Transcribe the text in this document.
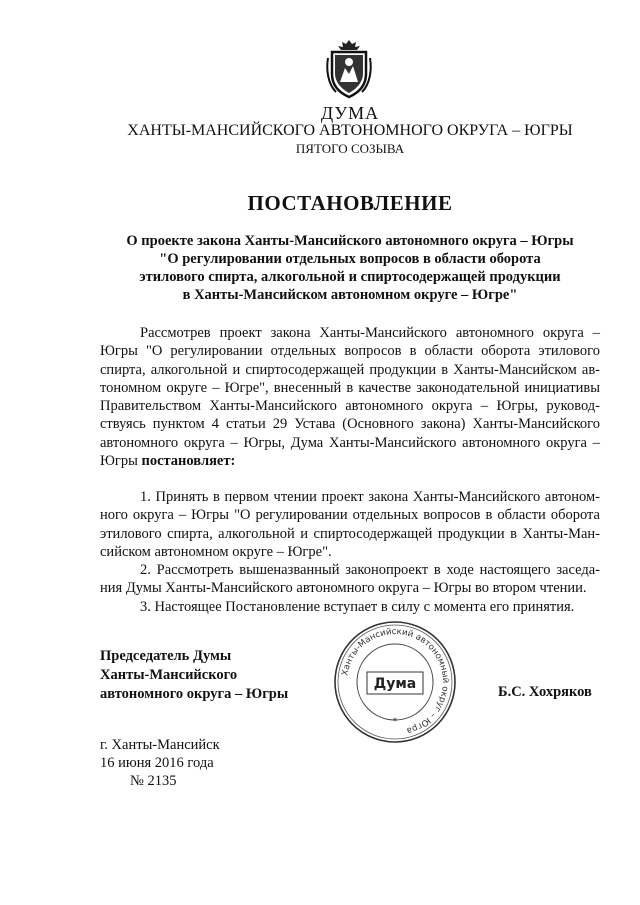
ДУМА
ХАНТЫ-МАНСИЙСКОГО АВТОНОМНОГО ОКРУГА – ЮГРЫ
ПЯТОГО СОЗЫВА
ПОСТАНОВЛЕНИЕ
О проекте закона Ханты-Мансийского автономного округа – Югры
"О регулировании отдельных вопросов в области оборота
этилового спирта, алкогольной и спиртосодержащей продукции
в Ханты-Мансийском автономном округе – Югре"
Рассмотрев проект закона Ханты-Мансийского автономного округа –
Югры "О регулировании отдельных вопросов в области оборота этилового
спирта, алкогольной и спиртосодержащей продукции в Ханты-Мансийском ав-
тономном округе – Югре", внесенный в качестве законодательной инициативы
Правительством Ханты-Мансийского автономного округа – Югры, руковод-
ствуясь пунктом 4 статьи 29 Устава (Основного закона) Ханты-Мансийского
автономного округа – Югры, Дума Ханты-Мансийского автономного округа –
Югры постановляет:
1. Принять в первом чтении проект закона Ханты-Мансийского автоном-
ного округа – Югры "О регулировании отдельных вопросов в области оборота
этилового спирта, алкогольной и спиртосодержащей продукции в Ханты-Ман-
сийском автономном округе – Югре".
2. Рассмотреть вышеназванный законопроект в ходе настоящего заседа-
ния Думы Ханты-Мансийского автономного округа – Югры во втором чтении.
3. Настоящее Постановление вступает в силу с момента его принятия.
Председатель Думы
Ханты-Мансийского
автономного округа – Югры
Ханты-Мансийский автономный округ – Югра
Дума
*
Б.С. Хохряков
г. Ханты-Мансийск
16 июня 2016 года
№ 2135
